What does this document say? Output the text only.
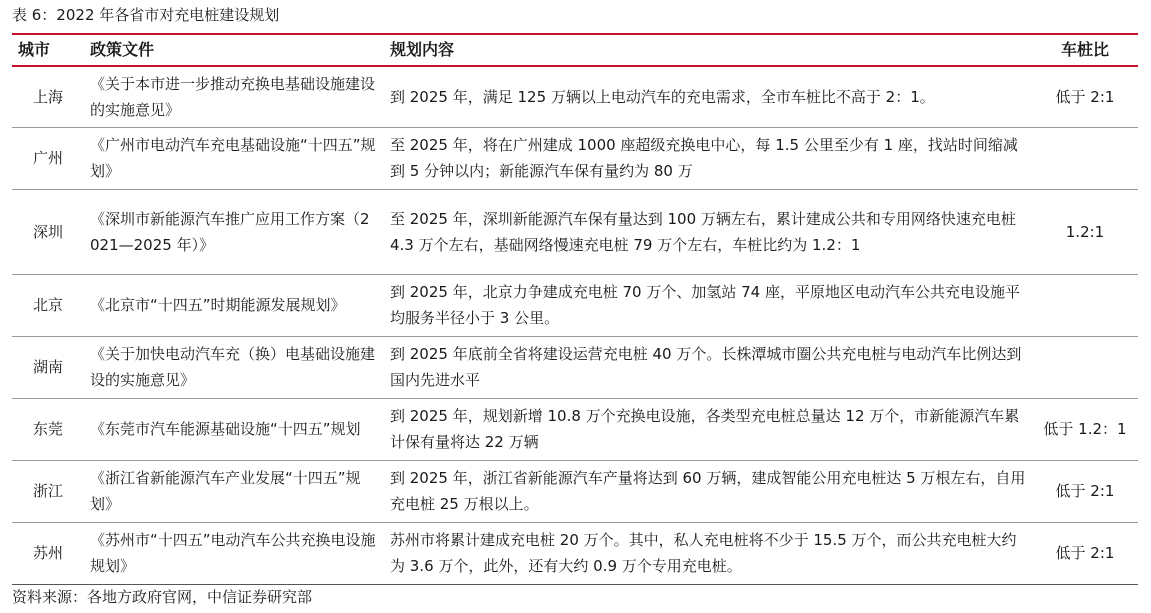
表 6：2022 年各省市对充电桩建设规划
城市	政策文件	规划内容	车桩比
上海	《关于本市进一步推动充换电基础设施建设的实施意见》	到 2025 年，满足 125 万辆以上电动汽车的充电需求，全市车桩比不高于 2：1。	低于 2:1
广州	《广州市电动汽车充电基础设施“十四五”规划》	至 2025 年，将在广州建成 1000 座超级充换电中心，每 1.5 公里至少有 1 座，找站时间缩减到 5 分钟以内；新能源汽车保有量约为 80 万	
深圳	《深圳市新能源汽车推广应用工作方案（2021—2025 年）》	至 2025 年，深圳新能源汽车保有量达到 100 万辆左右，累计建成公共和专用网络快速充电桩 4.3 万个左右，基础网络慢速充电桩 79 万个左右，车桩比约为 1.2：1	1.2:1
北京	《北京市“十四五”时期能源发展规划》	到 2025 年，北京力争建成充电桩 70 万个、加氢站 74 座，平原地区电动汽车公共充电设施平均服务半径小于 3 公里。	
湖南	《关于加快电动汽车充（换）电基础设施建设的实施意见》	到 2025 年底前全省将建设运营充电桩 40 万个。长株潭城市圈公共充电桩与电动汽车比例达到国内先进水平	
东莞	《东莞市汽车能源基础设施“十四五”规划	到 2025 年，规划新增 10.8 万个充换电设施，各类型充电桩总量达 12 万个，市新能源汽车累计保有量将达 22 万辆	低于 1.2：1
浙江	《浙江省新能源汽车产业发展“十四五”规划》	到 2025 年，浙江省新能源汽车产量将达到 60 万辆，建成智能公用充电桩达 5 万根左右，自用充电桩 25 万根以上。	低于 2:1
苏州	《苏州市“十四五”电动汽车公共充换电设施规划》	苏州市将累计建成充电桩 20 万个。其中，私人充电桩将不少于 15.5 万个，而公共充电桩大约为 3.6 万个，此外，还有大约 0.9 万个专用充电桩。	低于 2:1
资料来源：各地方政府官网，中信证券研究部
